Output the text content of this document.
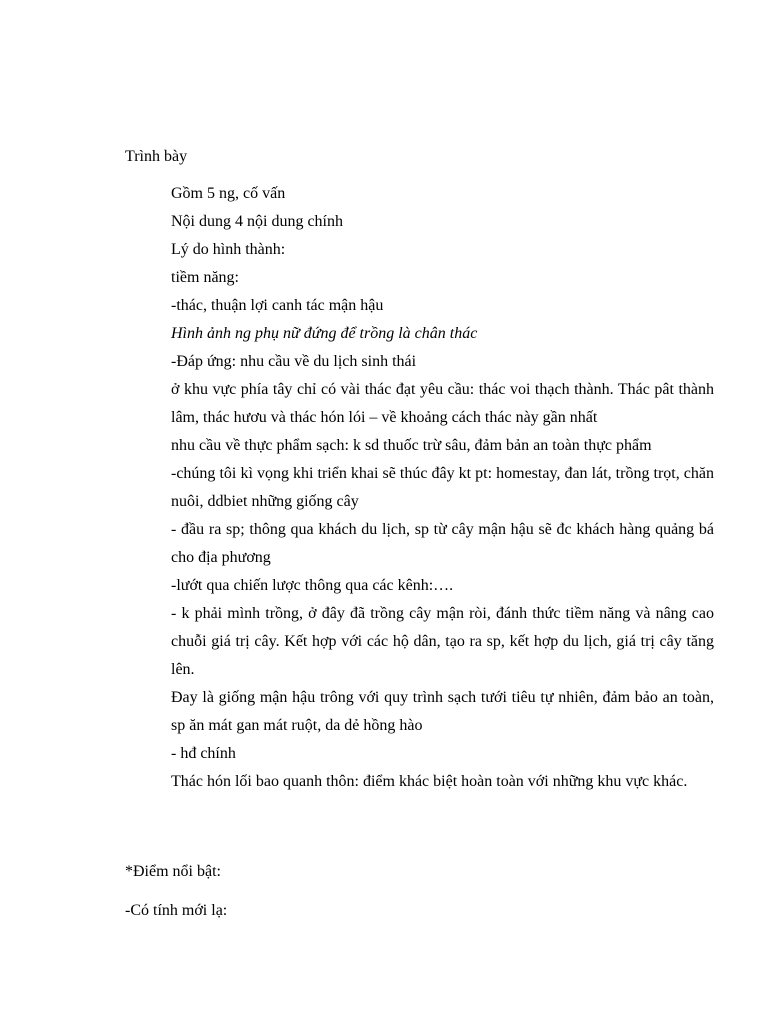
Trình bày

Gồm 5 ng, cố vấn

Nội dung 4 nội dung chính

Lý do hình thành:

tiềm năng:

-thác, thuận lợi canh tác mận hậu

Hình ảnh ng phụ nữ đứng để trồng là chân thác

-Đáp ứng: nhu cầu về du lịch sinh thái

ở khu vực phía tây chỉ có vài thác đạt yêu cầu: thác voi thạch thành. Thác pât thành lâm, thác hươu và thác hón lói – về khoảng cách thác này gần nhất

nhu cầu về thực phẩm sạch: k sd thuốc trừ sâu, đảm bản an toàn thực phẩm

-chúng tôi kì vọng khi triển khai sẽ thúc đây kt pt: homestay, đan lát, trồng trọt, chăn nuôi, ddbiet những giống cây

- đầu ra sp; thông qua khách du lịch, sp từ cây mận hậu sẽ đc khách hàng quảng bá cho địa phương

-lướt qua chiến lược thông qua các kênh:….

- k phải mình trồng, ở đây đã trồng cây mận ròi, đánh thức tiềm năng và nâng cao chuỗi giá trị cây. Kết hợp với các hộ dân, tạo ra sp, kết hợp du lịch, giá trị cây tăng lên.

Đay là giống mận hậu trông với quy trình sạch tưới tiêu tự nhiên, đảm bảo an toàn, sp ăn mát gan mát ruột, da dẻ hồng hào

- hđ chính

Thác hón lối bao quanh thôn: điểm khác biệt hoàn toàn với những khu vực khác.

*Điểm nổi bật:
-Có tính mới lạ:
